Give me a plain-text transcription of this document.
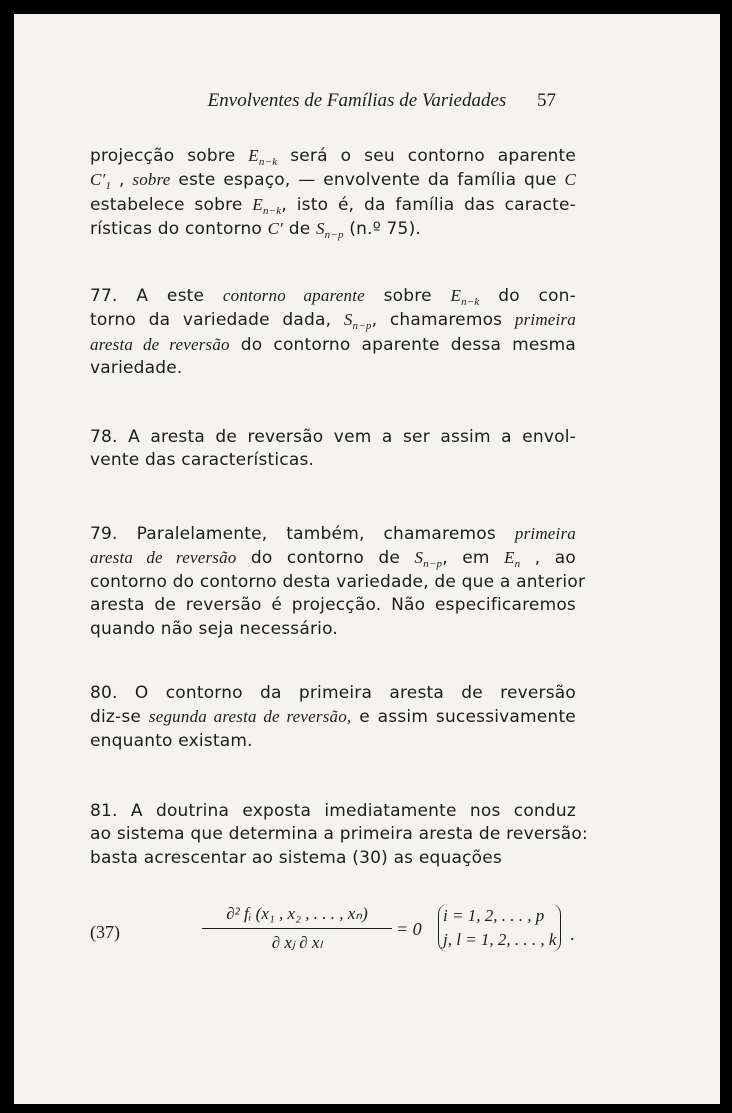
Envolventes de Famílias de Variedades	57
projecção sobre $E_{n-k}$ será o seu contorno aparente
$C'_1$ , sobre este espaço, — envolvente da família que C
estabelece sobre $E_{n-k}$, isto é, da família das caracte-
rísticas do contorno C′ de $S_{n-p}$ (n.º 75).
77. A este contorno aparente sobre $E_{n-k}$ do con-
torno da variedade dada, $S_{n-p}$, chamaremos primeira
aresta de reversão do contorno aparente dessa mesma
variedade.
78. A aresta de reversão vem a ser assim a envol-
vente das características.
79. Paralelamente, também, chamaremos primeira
aresta de reversão do contorno de $S_{n-p}$, em $E_n$ , ao
contorno do contorno desta variedade, de que a anterior
aresta de reversão é projecção. Não especificaremos
quando não seja necessário.
80. O contorno da primeira aresta de reversão
diz-se segunda aresta de reversão, e assim sucessivamente
enquanto existam.
81. A doutrina exposta imediatamente nos conduz
ao sistema que determina a primeira aresta de reversão:
basta acrescentar ao sistema (30) as equações
(37)
∂² fᵢ (x₁ , x₂ , . . . , xₙ)
∂ xⱼ ∂ xₗ
= 0
i = 1, 2, . . . , p
j, l = 1, 2, . . . , k .
